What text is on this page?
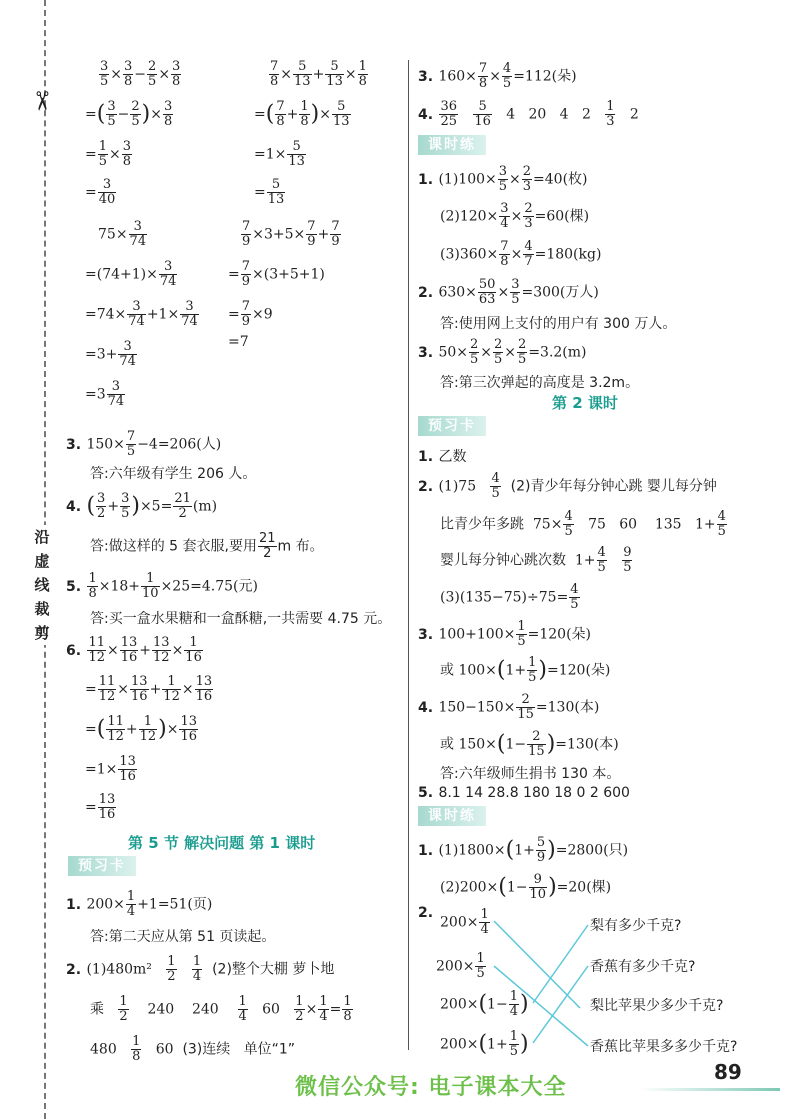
✂
沿虚线裁剪
$\frac{3}{5} \times \frac{3}{8} - \frac{2}{5} \times \frac{3}{8}$
=( $\frac{3}{5} - \frac{2}{5}$ )× $\frac{3}{8}$
= $\frac{1}{5} \times \frac{3}{8}$
= $\frac{3}{40}$
$\frac{7}{8} \times \frac{5}{13} + \frac{5}{13} \times \frac{1}{8}$
=( $\frac{7}{8} + \frac{1}{8}$ )× $\frac{5}{13}$
$=1\times \frac{5}{13}$
= $\frac{5}{13}$
$75\times \frac{3}{74}$
$=(74+1)\times \frac{3}{74}$
$=74\times \frac{3}{74} +1\times \frac{3}{74}$
$=3+ \frac{3}{74}$
$=3 \frac{3}{74}$
$\frac{7}{9} \times 3+5\times \frac{7}{9} + \frac{7}{9}$
= $\frac{7}{9} \times(3+5+1)$
= $\frac{7}{9} \times 9$
=7
3. $150\times \frac{7}{5} -4=206$(人)
答:六年级有学生 206 人。
4. ( $\frac{3}{2} + \frac{3}{5} )\times 5= \frac{21}{2} (m)$
答:做这样的 5 套衣服,要用 $\frac{21}{2}$ m 布。
5. $\frac{1}{8} \times 18+ \frac{1}{10} \times 25=4.75$(元)
答:买一盒水果糖和一盒酥糖,一共需要 4.75 元。
6. $\frac{11}{12} \times \frac{13}{16} + \frac{13}{12} \times \frac{1}{16}$
= $\frac{11}{12} \times \frac{13}{16} + \frac{1}{12} \times \frac{13}{16}$
=( $\frac{11}{12} + \frac{1}{12}$ )× $\frac{13}{16}$
$=1\times \frac{13}{16}$
= $\frac{13}{16}$
第 5 节 解决问题 第 1 课时
预习卡
1. $200\times \frac{1}{4} +1=51$(页)
答:第二天应从第 51 页读起。
2. $(1)480m^2 \frac{1}{2}$
$\frac{1}{4} (2)$整个大棚 萝卜地
乘 $\frac{1}{2} 240$    $240 \frac{1}{4} 60 \frac{1}{2} \times \frac{1}{4} = \frac{1}{8}$
$480 \frac{1}{8} 60$  (3)连续 单位“1”
3. $160\times \frac{7}{8} \times \frac{4}{5} =112$(朵)
4. $\frac{36}{25}$
$\frac{5}{16} 4$   20   4   $2 \frac{1}{3} 2$
课时练
1. $(1)100\times \frac{3}{5} \times \frac{2}{3} =40$(枚)
$(2)120\times \frac{3}{4} \times \frac{2}{3} =60$(棵)
$(3)360\times \frac{7}{8} \times \frac{4}{7} =180(kg)$
2. $630\times \frac{50}{63} \times \frac{3}{5} =300$(万人)
答:使用网上支付的用户有 300 万人。
3. $50\times \frac{2}{5} \times \frac{2}{5} \times \frac{2}{5} =3.2(m)$
答:第三次弹起的高度是 3.2m。
第 2 课时
预习卡
1. 乙数
2. $(1)75 \frac{4}{5} (2)$青少年每分钟心跳 婴儿每分钟
比青少年多跳  $75\times \frac{4}{5} 75$   60    135   $1+ \frac{4}{5}$
婴儿每分钟心跳次数  $1+ \frac{4}{5}$
$\frac{9}{5}$
$(3)(135-75)\div 75= \frac{4}{5}$
3. $100+100\times \frac{1}{5} =120$(朵)
或 $100\times(1+ \frac{1}{5} )=120$(朵)
4. $150-150\times \frac{2}{15} =130$(本)
或 $150\times(1- \frac{2}{15} )=130$(本)
答:六年级师生捐书 130 本。
5. 8.1 14 28.8 180 18 0 2 600
课时练
1. $(1)1800\times(1+ \frac{5}{9} )=2800$(只)
$(2)200\times(1- \frac{9}{10} )=20$(棵)
2.
$200\times \frac{1}{4}$
$200\times \frac{1}{5}$
$200\times(1- \frac{1}{4}$ )
$200\times(1+ \frac{1}{5}$ )
梨有多少千克?
香蕉有多少千克?
梨比苹果少多少千克?
香蕉比苹果多多少千克?
微信公众号: 电子课本大全
89
